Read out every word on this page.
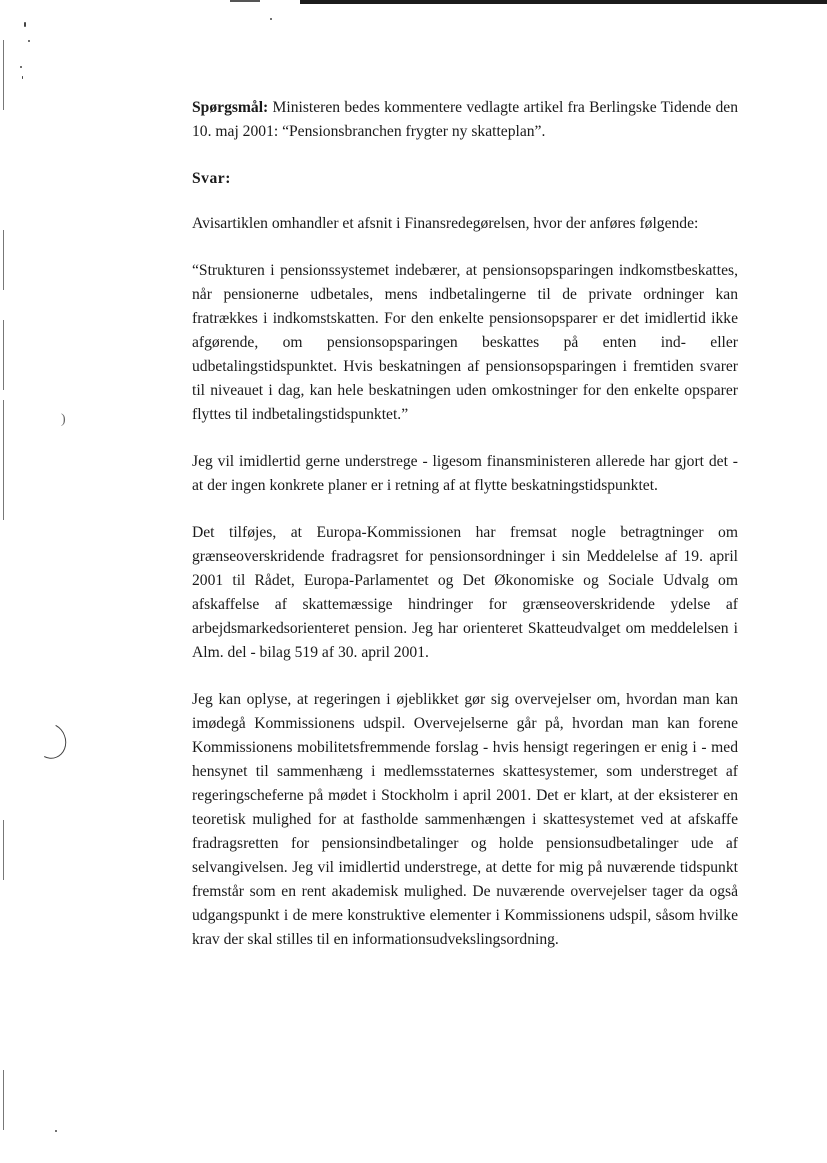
)

Spørgsmål: Ministeren bedes kommentere vedlagte artikel fra Berlingske Tidende den 10. maj 2001: “Pensionsbranchen frygter ny skatteplan”.

Svar:

Avisartiklen omhandler et afsnit i Finansredegørelsen, hvor der anføres følgende:

“Strukturen i pensionssystemet indebærer, at pensionsopsparingen indkomstbeskattes, når pensionerne udbetales, mens indbetalingerne til de private ordninger kan fratrækkes i indkomstskatten. For den enkelte pensionsopsparer er det imidlertid ikke afgørende, om pensionsopsparingen beskattes på enten ind- eller udbetalingstidspunktet. Hvis beskatningen af pensionsopsparingen i fremtiden svarer til niveauet i dag, kan hele beskatningen uden omkostninger for den enkelte opsparer flyttes til indbetalingstidspunktet.”

Jeg vil imidlertid gerne understrege - ligesom finansministeren allerede har gjort det - at der ingen konkrete planer er i retning af at flytte beskatningstidspunktet.

Det tilføjes, at Europa-Kommissionen har fremsat nogle betragtninger om grænseoverskridende fradragsret for pensionsordninger i sin Meddelelse af 19. april 2001 til Rådet, Europa-Parlamentet og Det Økonomiske og Sociale Udvalg om afskaffelse af skattemæssige hindringer for grænseoverskridende ydelse af arbejdsmarkedsorienteret pension. Jeg har orienteret Skatteudvalget om meddelelsen i Alm. del - bilag 519 af 30. april 2001.

Jeg kan oplyse, at regeringen i øjeblikket gør sig overvejelser om, hvordan man kan imødegå Kommissionens udspil. Overvejelserne går på, hvordan man kan forene Kommissionens mobilitetsfremmende forslag - hvis hensigt regeringen er enig i - med hensynet til sammenhæng i medlemsstaternes skattesystemer, som understreget af regeringscheferne på mødet i Stockholm i april 2001. Det er klart, at der eksisterer en teoretisk mulighed for at fastholde sammenhængen i skattesystemet ved at afskaffe fradragsretten for pensionsindbetalinger og holde pensionsudbetalinger ude af selvangivelsen. Jeg vil imidlertid understrege, at dette for mig på nuværende tidspunkt fremstår som en rent akademisk mulighed. De nuværende overvejelser tager da også udgangspunkt i de mere konstruktive elementer i Kommissionens udspil, såsom hvilke krav der skal stilles til en informationsudvekslingsordning.
